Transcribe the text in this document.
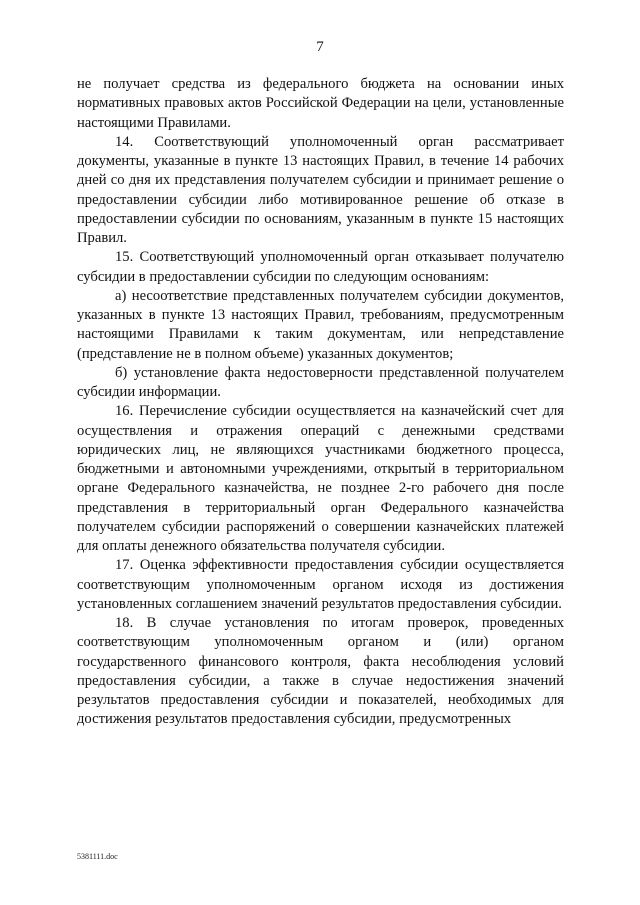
7

не получает средства из федерального бюджета на основании иных нормативных правовых актов Российской Федерации на цели, установленные настоящими Правилами.

14. Соответствующий уполномоченный орган рассматривает документы, указанные в пункте 13 настоящих Правил, в течение 14 рабочих дней со дня их представления получателем субсидии и принимает решение о предоставлении субсидии либо мотивированное решение об отказе в предоставлении субсидии по основаниям, указанным в пункте 15 настоящих Правил.

15. Соответствующий уполномоченный орган отказывает получателю субсидии в предоставлении субсидии по следующим основаниям:

а) несоответствие представленных получателем субсидии документов, указанных в пункте 13 настоящих Правил, требованиям, предусмотренным настоящими Правилами к таким документам, или непредставление (представление не в полном объеме) указанных документов;

б) установление факта недостоверности представленной получателем субсидии информации.

16. Перечисление субсидии осуществляется на казначейский счет для осуществления и отражения операций с денежными средствами юридических лиц, не являющихся участниками бюджетного процесса, бюджетными и автономными учреждениями, открытый в территориальном органе Федерального казначейства, не позднее 2-го рабочего дня после представления в территориальный орган Федерального казначейства получателем субсидии распоряжений о совершении казначейских платежей для оплаты денежного обязательства получателя субсидии.

17. Оценка эффективности предоставления субсидии осуществляется соответствующим уполномоченным органом исходя из достижения установленных соглашением значений результатов предоставления субсидии.

18. В случае установления по итогам проверок, проведенных соответствующим уполномоченным органом и (или) органом государственного финансового контроля, факта несоблюдения условий предоставления субсидии, а также в случае недостижения значений результатов предоставления субсидии и показателей, необходимых для достижения результатов предоставления субсидии, предусмотренных

5381111.doc
